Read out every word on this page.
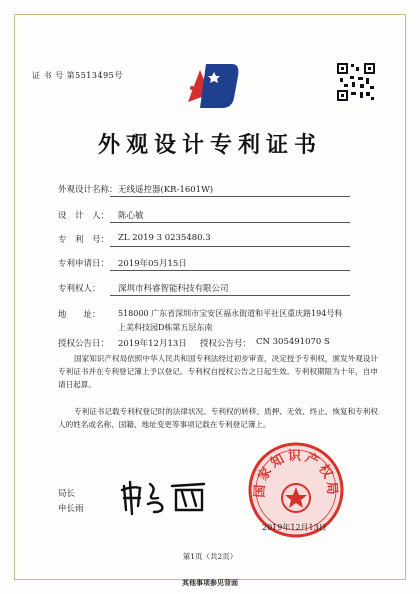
证 书 号 第5513495号
外观设计专利证书
外观设计名称： 无线遥控器(KR-1601W)
设　计　人： 陈心敏
专　利　号： ZL 2019 3 0235480.3
专利申请日： 2019年05月15日
专利权人： 深圳市科睿智能科技有限公司
地　　址： 518000 广东省深圳市宝安区福永街道和平社区重庆路194号科上美科技园D栋第五层东南
授权公告日： 2019年12月13日 授权公告号： CN 305491070 S
国家知识产权局依照中华人民共和国专利法经过初步审查，决定授予专利权，颁发外观设计专利证书并在专利登记簿上予以登记。专利权自授权公告之日起生效。专利权期限为十年，自申请日起算。
专利证书记载专利权登记时的法律状况。专利权的转移、质押、无效、终止、恢复和专利权人的姓名或名称、国籍、地址变更等事项记载在专利登记簿上。
局长
申长雨
国家知识产权局
2019年12月13日
第1页（共2页）
其他事项参见背面
